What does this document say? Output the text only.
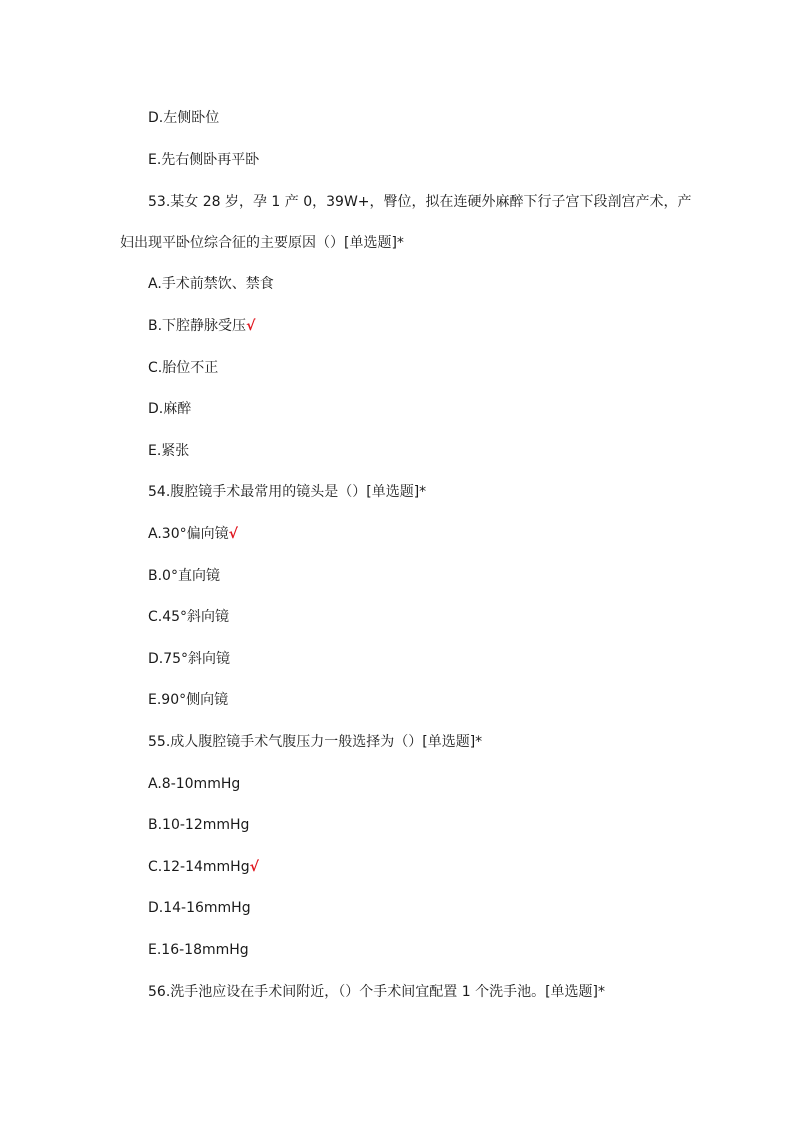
D.左侧卧位
E.先右侧卧再平卧
53.某女 28 岁，孕 1 产 0，39W+，臀位，拟在连硬外麻醉下行子宫下段剖宫产术，产
妇出现平卧位综合征的主要原因（）[单选题]*
A.手术前禁饮、禁食
B.下腔静脉受压√
C.胎位不正
D.麻醉
E.紧张
54.腹腔镜手术最常用的镜头是（）[单选题]*
A.30°偏向镜√
B.0°直向镜
C.45°斜向镜
D.75°斜向镜
E.90°侧向镜
55.成人腹腔镜手术气腹压力一般选择为（）[单选题]*
A.8-10mmHg
B.10-12mmHg
C.12-14mmHg√
D.14-16mmHg
E.16-18mmHg
56.洗手池应设在手术间附近，（）个手术间宜配置 1 个洗手池。[单选题]*
